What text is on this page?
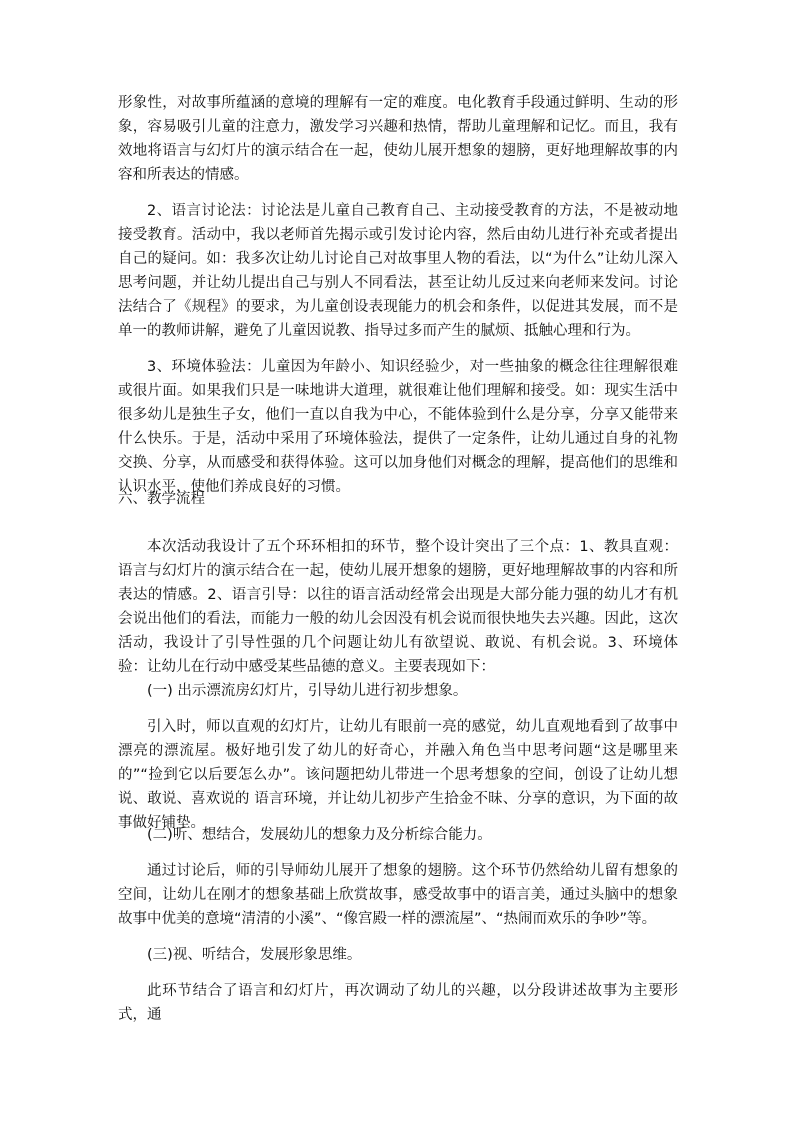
形象性，对故事所蕴涵的意境的理解有一定的难度。电化教育手段通过鲜明、生动的形象，容易吸引儿童的注意力，激发学习兴趣和热情，帮助儿童理解和记忆。而且，我有效地将语言与幻灯片的演示结合在一起，使幼儿展开想象的翅膀，更好地理解故事的内容和所表达的情感。

2、语言讨论法：讨论法是儿童自己教育自己、主动接受教育的方法，不是被动地接受教育。活动中，我以老师首先揭示或引发讨论内容，然后由幼儿进行补充或者提出自己的疑问。如：我多次让幼儿讨论自己对故事里人物的看法，以“为什么”让幼儿深入思考问题，并让幼儿提出自己与别人不同看法，甚至让幼儿反过来向老师来发问。讨论法结合了《规程》的要求，为儿童创设表现能力的机会和条件，以促进其发展，而不是单一的教师讲解，避免了儿童因说教、指导过多而产生的腻烦、抵触心理和行为。

3、环境体验法：儿童因为年龄小、知识经验少，对一些抽象的概念往往理解很难或很片面。如果我们只是一味地讲大道理，就很难让他们理解和接受。如：现实生活中很多幼儿是独生子女，他们一直以自我为中心，不能体验到什么是分享，分享又能带来什么快乐。于是，活动中采用了环境体验法，提供了一定条件，让幼儿通过自身的礼物交换、分享，从而感受和获得体验。这可以加身他们对概念的理解，提高他们的思维和认识水平，使他们养成良好的习惯。

六、教学流程

本次活动我设计了五个环环相扣的环节，整个设计突出了三个点：1、教具直观：语言与幻灯片的演示结合在一起，使幼儿展开想象的翅膀，更好地理解故事的内容和所表达的情感。2、语言引导：以往的语言活动经常会出现是大部分能力强的幼儿才有机会说出他们的看法，而能力一般的幼儿会因没有机会说而很快地失去兴趣。因此，这次活动，我设计了引导性强的几个问题让幼儿有欲望说、敢说、有机会说。3、环境体验：让幼儿在行动中感受某些品德的意义。主要表现如下：

(一) 出示漂流房幻灯片，引导幼儿进行初步想象。

引入时，师以直观的幻灯片，让幼儿有眼前一亮的感觉，幼儿直观地看到了故事中漂亮的漂流屋。极好地引发了幼儿的好奇心，并融入角色当中思考问题“这是哪里来的”“捡到它以后要怎么办”。该问题把幼儿带进一个思考想象的空间，创设了让幼儿想说、敢说、喜欢说的 语言环境，并让幼儿初步产生拾金不昧、分享的意识，为下面的故事做好铺垫。

(二)听、想结合，发展幼儿的想象力及分析综合能力。

通过讨论后，师的引导师幼儿展开了想象的翅膀。这个环节仍然给幼儿留有想象的空间，让幼儿在刚才的想象基础上欣赏故事，感受故事中的语言美，通过头脑中的想象故事中优美的意境“清清的小溪”、“像宫殿一样的漂流屋”、“热闹而欢乐的争吵”等。

(三)视、听结合，发展形象思维。

此环节结合了语言和幻灯片，再次调动了幼儿的兴趣，以分段讲述故事为主要形式，通
